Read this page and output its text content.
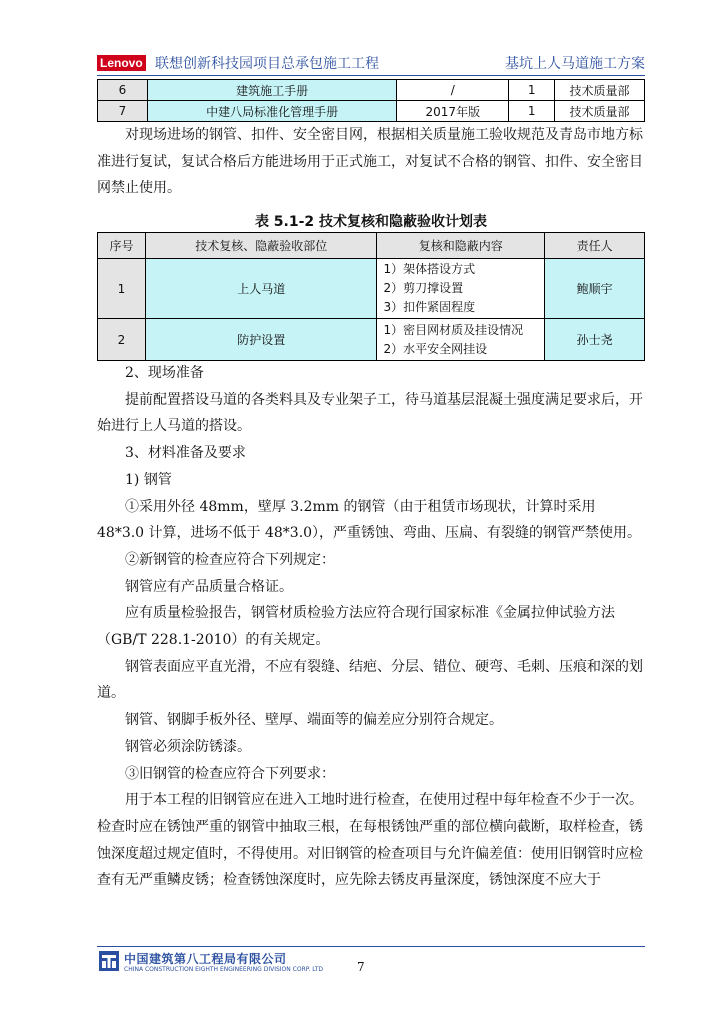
Lenovo 联想创新科技园项目总承包施工工程	基坑上人马道施工方案
6	建筑施工手册	/	1	技术质量部
7	中建八局标准化管理手册	2017年版	1	技术质量部

对现场进场的钢管、扣件、安全密目网，根据相关质量施工验收规范及青岛市地方标准进行复试，复试合格后方能进场用于正式施工，对复试不合格的钢管、扣件、安全密目网禁止使用。

表 5.1-2 技术复核和隐蔽验收计划表
序号	技术复核、隐蔽验收部位	复核和隐蔽内容	责任人
1	上人马道	1）架体搭设方式
2）剪刀撑设置
3）扣件紧固程度	鲍顺宇
2	防护设置	1）密目网材质及挂设情况
2）水平安全网挂设	孙士尧

2、现场准备

提前配置搭设马道的各类料具及专业架子工，待马道基层混凝土强度满足要求后，开始进行上人马道的搭设。

3、材料准备及要求

1) 钢管

①采用外径 48mm，壁厚 3.2mm 的钢管（由于租赁市场现状，计算时采用 48*3.0 计算，进场不低于 48*3.0），严重锈蚀、弯曲、压扁、有裂缝的钢管严禁使用。

②新钢管的检查应符合下列规定：

钢管应有产品质量合格证。

应有质量检验报告，钢管材质检验方法应符合现行国家标准《金属拉伸试验方法（GB/T 228.1-2010）的有关规定。

钢管表面应平直光滑，不应有裂缝、结疤、分层、错位、硬弯、毛刺、压痕和深的划道。

钢管、钢脚手板外径、壁厚、端面等的偏差应分别符合规定。

钢管必须涂防锈漆。

③旧钢管的检查应符合下列要求：

用于本工程的旧钢管应在进入工地时进行检查，在使用过程中每年检查不少于一次。检查时应在锈蚀严重的钢管中抽取三根，在每根锈蚀严重的部位横向截断，取样检查，锈蚀深度超过规定值时，不得使用。对旧钢管的检查项目与允许偏差值：使用旧钢管时应检查有无严重鳞皮锈；检查锈蚀深度时，应先除去锈皮再量深度，锈蚀深度不应大于

中国建筑第八工程局有限公司
CHINA CONSTRUCTION EIGHTH ENGINEERING DIVISION CORP. LTD	7
